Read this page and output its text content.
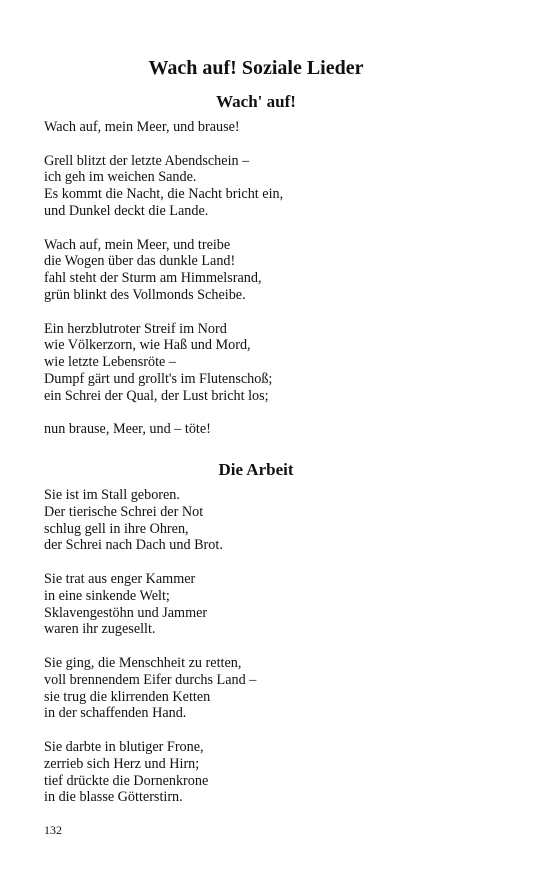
Wach auf! Soziale Lieder
Wach' auf!

Wach auf, mein Meer, und brause!

Grell blitzt der letzte Abendschein –
ich geh im weichen Sande.
Es kommt die Nacht, die Nacht bricht ein,
und Dunkel deckt die Lande.

Wach auf, mein Meer, und treibe
die Wogen über das dunkle Land!
fahl steht der Sturm am Himmelsrand,
grün blinkt des Vollmonds Scheibe.

Ein herzblutroter Streif im Nord
wie Völkerzorn, wie Haß und Mord,
wie letzte Lebensröte –
Dumpf gärt und grollt's im Flutenschoß;
ein Schrei der Qual, der Lust bricht los;

nun brause, Meer, und – töte!

Die Arbeit

Sie ist im Stall geboren.
Der tierische Schrei der Not
schlug gell in ihre Ohren,
der Schrei nach Dach und Brot.

Sie trat aus enger Kammer
in eine sinkende Welt;
Sklavengestöhn und Jammer
waren ihr zugesellt.

Sie ging, die Menschheit zu retten,
voll brennendem Eifer durchs Land –
sie trug die klirrenden Ketten
in der schaffenden Hand.

Sie darbte in blutiger Frone,
zerrieb sich Herz und Hirn;
tief drückte die Dornenkrone
in die blasse Götterstirn.

132
